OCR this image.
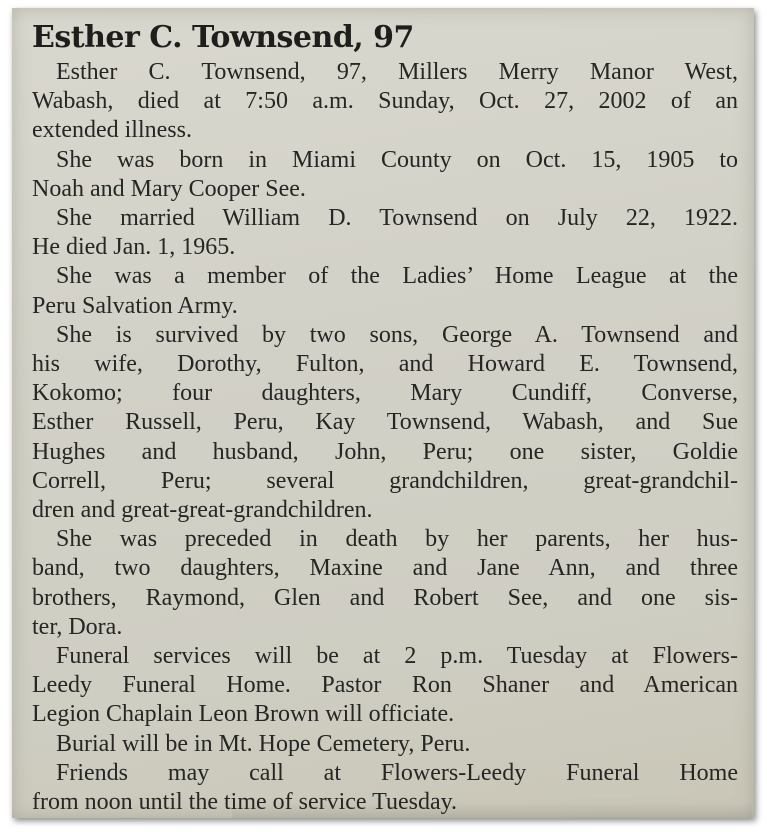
Esther C. Townsend, 97
Esther C. Townsend, 97, Millers Merry Manor West,
Wabash, died at 7:50 a.m. Sunday, Oct. 27, 2002 of an
extended illness.
She was born in Miami County on Oct. 15, 1905 to
Noah and Mary Cooper See.
She married William D. Townsend on July 22, 1922.
He died Jan. 1, 1965.
She was a member of the Ladies’ Home League at the
Peru Salvation Army.
She is survived by two sons, George A. Townsend and
his wife, Dorothy, Fulton, and Howard E. Townsend,
Kokomo; four daughters, Mary Cundiff, Converse,
Esther Russell, Peru, Kay Townsend, Wabash, and Sue
Hughes and husband, John, Peru; one sister, Goldie
Correll, Peru; several grandchildren, great-grandchil-
dren and great-great-grandchildren.
She was preceded in death by her parents, her hus-
band, two daughters, Maxine and Jane Ann, and three
brothers, Raymond, Glen and Robert See, and one sis-
ter, Dora.
Funeral services will be at 2 p.m. Tuesday at Flowers-
Leedy Funeral Home. Pastor Ron Shaner and American
Legion Chaplain Leon Brown will officiate.
Burial will be in Mt. Hope Cemetery, Peru.
Friends may call at Flowers-Leedy Funeral Home
from noon until the time of service Tuesday.
